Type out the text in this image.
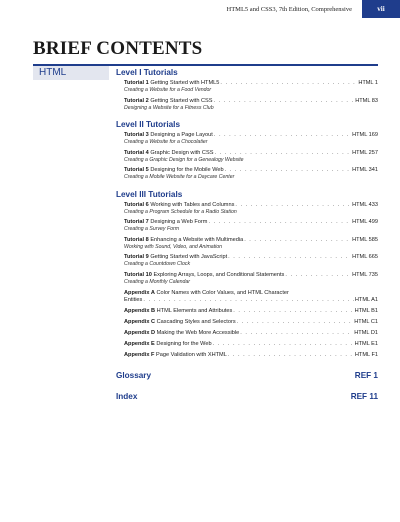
HTML5 and CSS3, 7th Edition, Comprehensive	vii
BRIEF CONTENTS
HTML	Level I Tutorials
Tutorial 1
Getting Started with HTML5 . . .	HTML 1
Creating a Website for a Food Vendor
Tutorial 2
Getting Started with CSS . . .	HTML 83
Designing a Website for a Fitness Club
Level II Tutorials
Tutorial 3
Designing a Page Layout . . .	HTML 169
Creating a Website for a Chocolatier
Tutorial 4
Graphic Design with CSS . . .	HTML 257
Creating a Graphic Design for a Genealogy Website
Tutorial 5
Designing for the Mobile Web . . .	HTML 341
Creating a Mobile Website for a Daycare Center
Level III Tutorials
Tutorial 6
Working with Tables and Columns . . .	HTML 433
Creating a Program Schedule for a Radio Station
Tutorial 7
Designing a Web Form . . .	HTML 499
Creating a Survey Form
Tutorial 8
Enhancing a Website with Multimedia . . .	HTML 585
Working with Sound, Video, and Animation
Tutorial 9
Getting Started with JavaScript . . .	HTML 665
Creating a Countdown Clock
Tutorial 10
Exploring Arrays, Loops, and Conditional Statements . . .	HTML 735
Creating a Monthly Calendar
Appendix A
Color Names with Color Values, and HTML Character
Entities . . .	HTML A1
Appendix B
HTML Elements and Attributes . . .	HTML B1
Appendix C
Cascading Styles and Selectors . . .	HTML C1
Appendix D
Making the Web More Accessible . . .	HTML D1
Appendix E
Designing for the Web . . .	HTML E1
Appendix F
Page Validation with XHTML . . .	HTML F1
Glossary	REF 1
Index	REF 11
